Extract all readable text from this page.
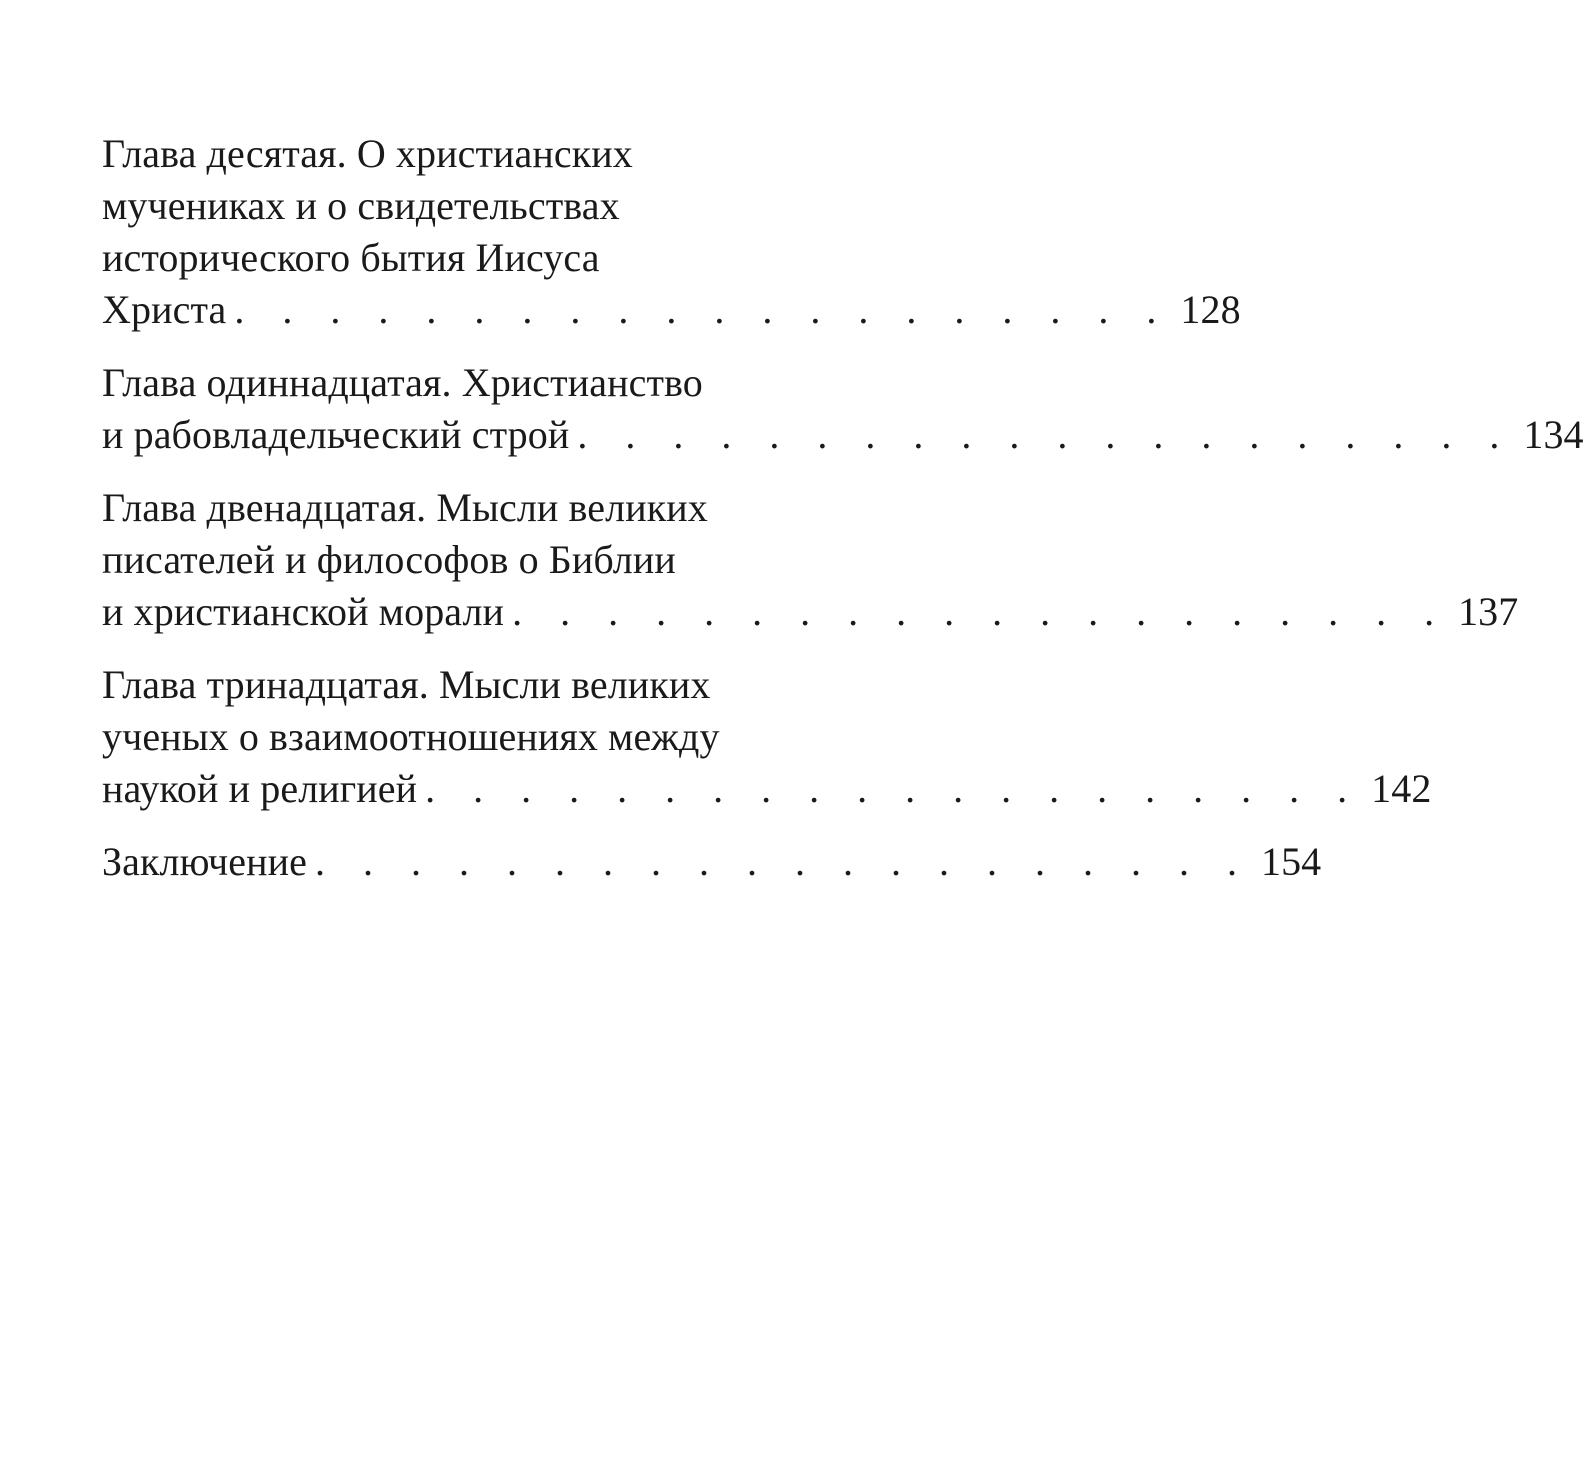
Глава десятая. О христианских
мучениках и о свидетельствах
исторического бытия Иисуса
Христа . . . . . . . . . . . . . . . . . . . . 128
Глава одиннадцатая. Христианство
и рабовладельческий строй . . . . . . . . . . . . . . . . . . . . 134
Глава двенадцатая. Мысли великих
писателей и философов о Библии
и христианской морали . . . . . . . . . . . . . . . . . . . . 137
Глава тринадцатая. Мысли великих
ученых о взаимоотношениях между
наукой и религией . . . . . . . . . . . . . . . . . . . . 142
Заключение . . . . . . . . . . . . . . . . . . . . 154
